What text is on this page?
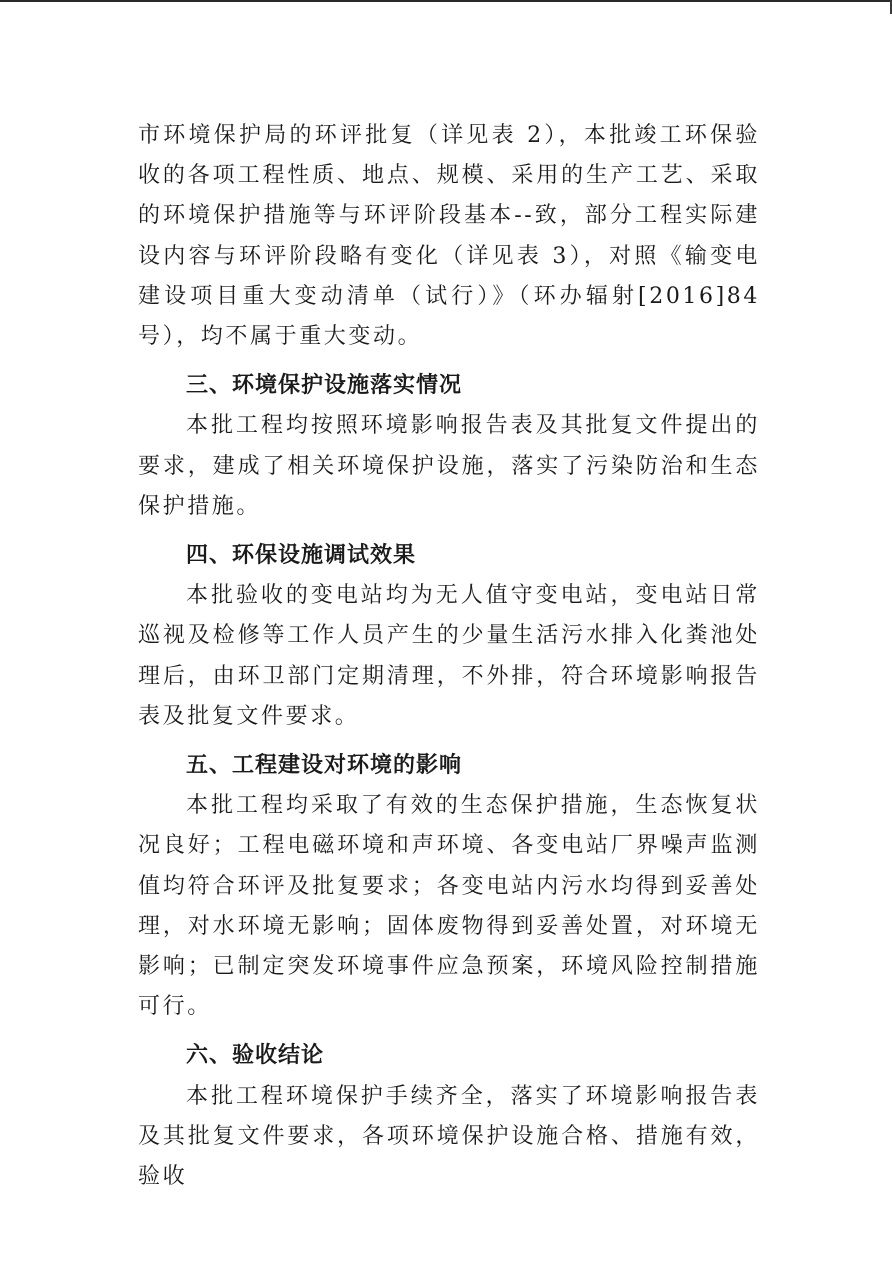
市环境保护局的环评批复（详见表 2），本批竣工环保验收的各项工程性质、地点、规模、采用的生产工艺、采取的环境保护措施等与环评阶段基本--致，部分工程实际建设内容与环评阶段略有变化（详见表 3），对照《输变电建设项目重大变动清单（试行）》（环办辐射[2016]84 号），均不属于重大变动。

三、环境保护设施落实情况

本批工程均按照环境影响报告表及其批复文件提出的要求，建成了相关环境保护设施，落实了污染防治和生态保护措施。

四、环保设施调试效果

本批验收的变电站均为无人值守变电站，变电站日常巡视及检修等工作人员产生的少量生活污水排入化粪池处理后，由环卫部门定期清理，不外排，符合环境影响报告表及批复文件要求。

五、工程建设对环境的影响

本批工程均采取了有效的生态保护措施，生态恢复状况良好；工程电磁环境和声环境、各变电站厂界噪声监测值均符合环评及批复要求；各变电站内污水均得到妥善处理，对水环境无影响；固体废物得到妥善处置，对环境无影响；已制定突发环境事件应急预案，环境风险控制措施可行。

六、验收结论

本批工程环境保护手续齐全，落实了环境影响报告表及其批复文件要求，各项环境保护设施合格、措施有效，验收
